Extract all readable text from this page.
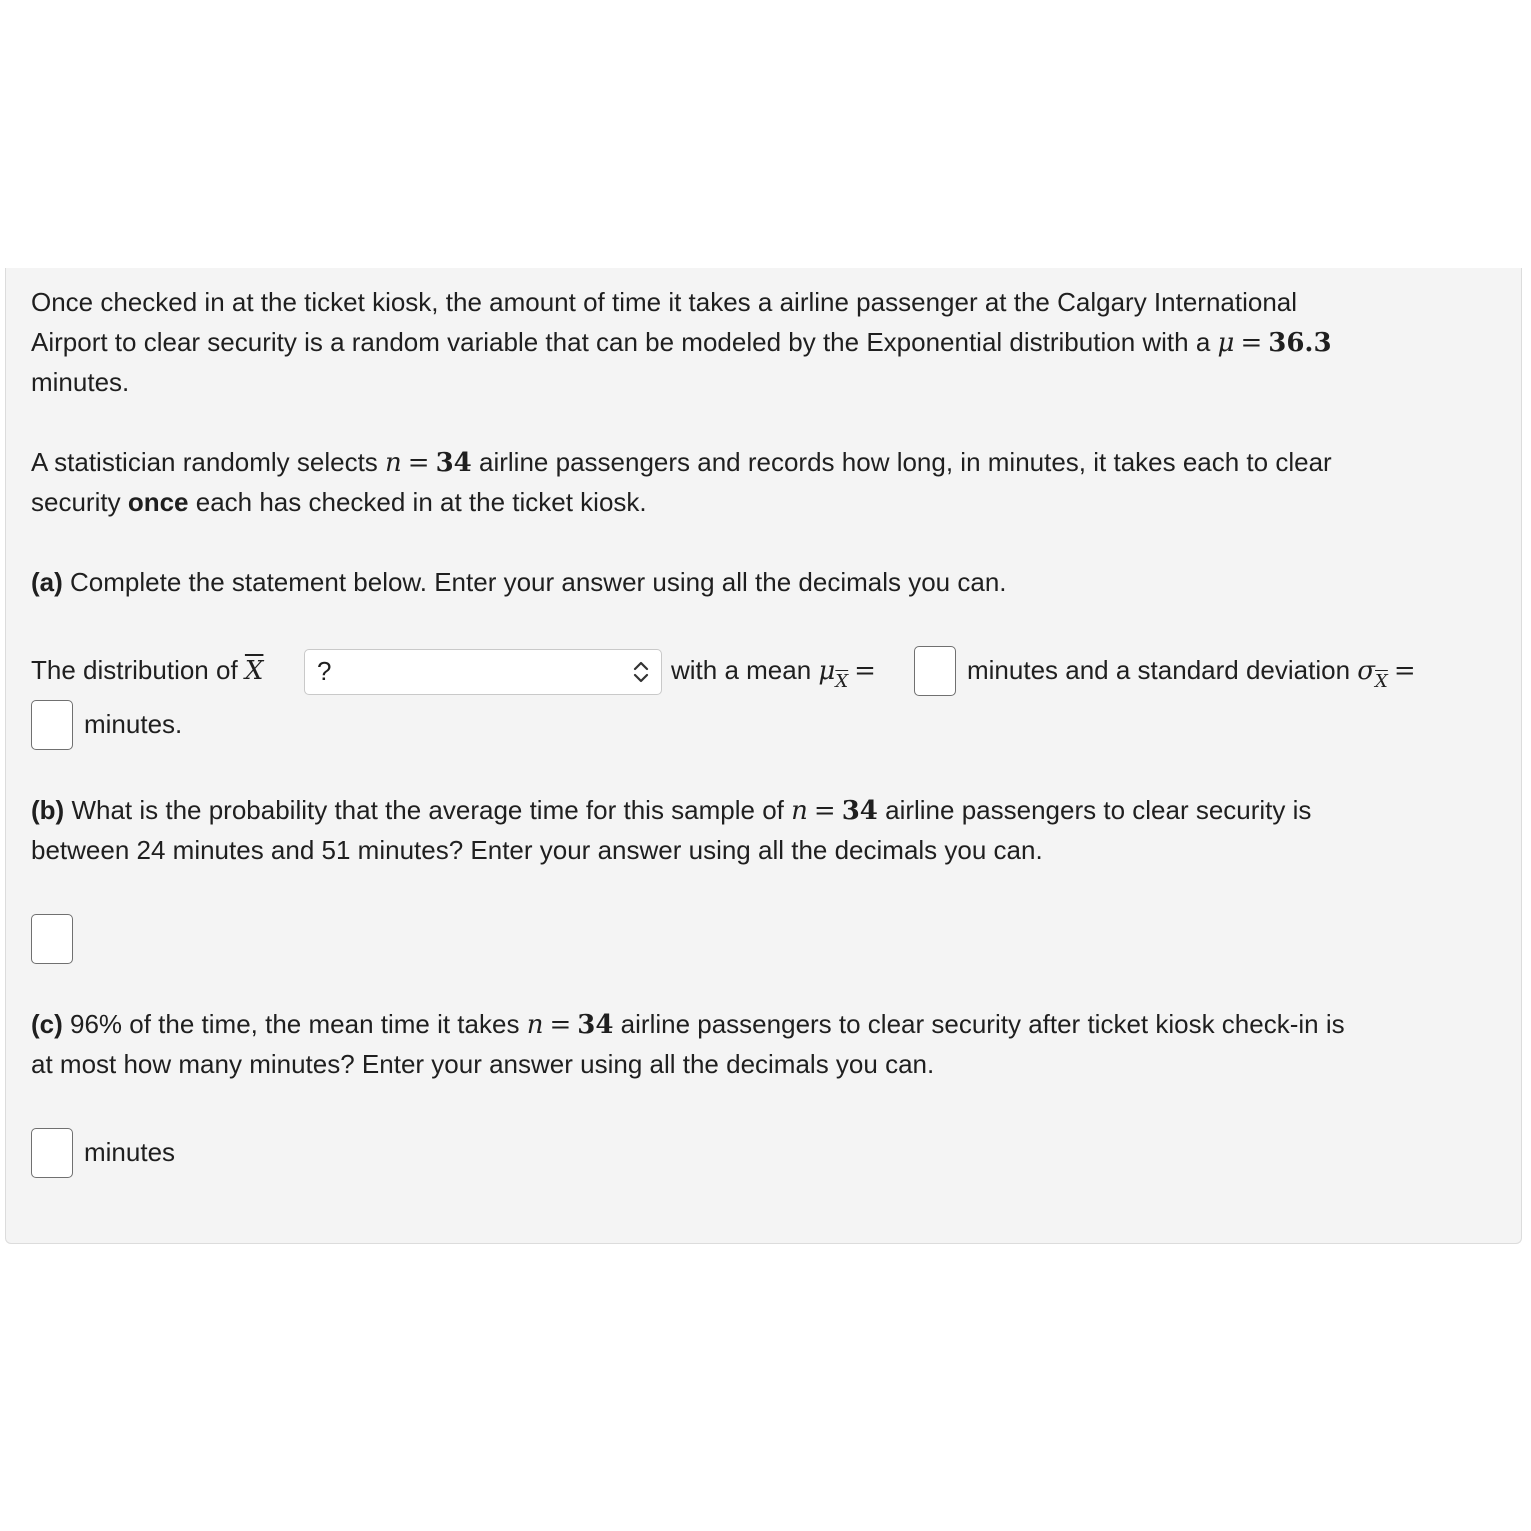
Once checked in at the ticket kiosk, the amount of time it takes a airline passenger at the Calgary International

Airport to clear security is a random variable that can be modeled by the Exponential distribution with a μ = 36.3

minutes.

A statistician randomly selects n = 34 airline passengers and records how long, in minutes, it takes each to clear

security once each has checked in at the ticket kiosk.

(a) Complete the statement below. Enter your answer using all the decimals you can.

The distribution of $\overline{X}$	?	with a mean $\mu_{\overline{X}}$ =	minutes and a standard deviation $\sigma_{\overline{X}}$ =
minutes.

(b) What is the probability that the average time for this sample of n = 34 airline passengers to clear security is

between 24 minutes and 51 minutes? Enter your answer using all the decimals you can.

(c) 96% of the time, the mean time it takes n = 34 airline passengers to clear security after ticket kiosk check-in is

at most how many minutes? Enter your answer using all the decimals you can.

minutes
